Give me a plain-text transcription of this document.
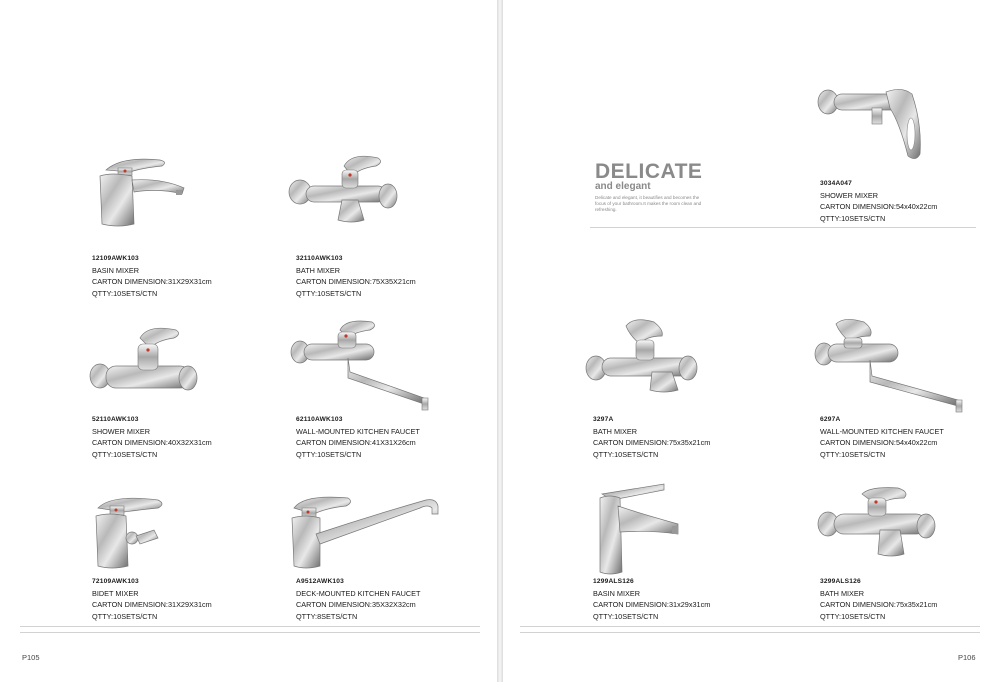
12109AWK103
BASIN MIXER
CARTON DIMENSION:31X29X31cm
QTTY:10SETS/CTN
32110AWK103
BATH MIXER
CARTON DIMENSION:75X35X21cm
QTTY:10SETS/CTN
52110AWK103
SHOWER MIXER
CARTON DIMENSION:40X32X31cm
QTTY:10SETS/CTN
62110AWK103
WALL-MOUNTED KITCHEN FAUCET
CARTON DIMENSION:41X31X26cm
QTTY:10SETS/CTN
72109AWK103
BIDET MIXER
CARTON DIMENSION:31X29X31cm
QTTY:10SETS/CTN
A9512AWK103
DECK-MOUNTED KITCHEN FAUCET
CARTON DIMENSION:35X32X32cm
QTTY:8SETS/CTN
P105
DELICATE
and elegant
Delicate and elegant, it beautifies and becomes the focus of your bathroom.It makes the room clean and refreshing.
3034A047
SHOWER MIXER
CARTON DIMENSION:54x40x22cm
QTTY:10SETS/CTN
3297A
BATH MIXER
CARTON DIMENSION:75x35x21cm
QTTY:10SETS/CTN
6297A
WALL-MOUNTED KITCHEN FAUCET
CARTON DIMENSION:54x40x22cm
QTTY:10SETS/CTN
1299ALS126
BASIN MIXER
CARTON DIMENSION:31x29x31cm
QTTY:10SETS/CTN
3299ALS126
BATH MIXER
CARTON DIMENSION:75x35x21cm
QTTY:10SETS/CTN
P106
